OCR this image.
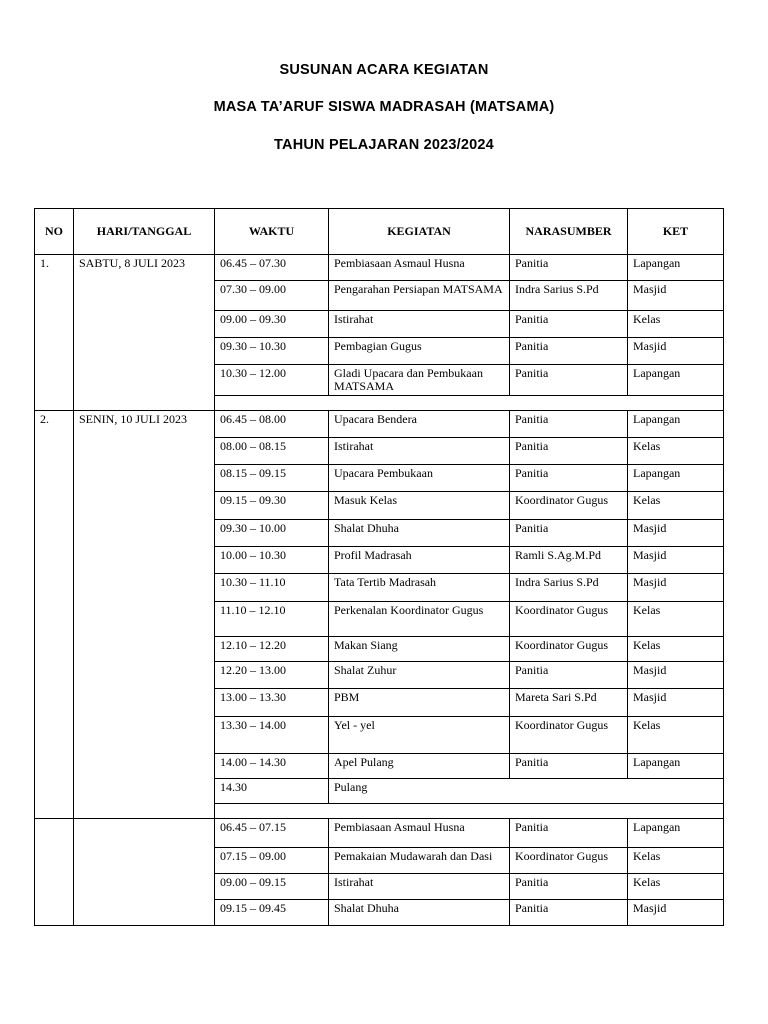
SUSUNAN ACARA KEGIATAN
MASA TA’ARUF SISWA MADRASAH (MATSAMA)
TAHUN PELAJARAN 2023/2024
NO	HARI/TANGGAL	WAKTU	KEGIATAN	NARASUMBER	KET
1.	SABTU, 8 JULI 2023	06.45 – 07.30	Pembiasaan Asmaul Husna	Panitia	Lapangan
		07.30 – 09.00	Pengarahan Persiapan MATSAMA	Indra Sarius S.Pd	Masjid
		09.00 – 09.30	Istirahat	Panitia	Kelas
		09.30 – 10.30	Pembagian Gugus	Panitia	Masjid
		10.30 – 12.00	Gladi Upacara dan Pembukaan MATSAMA	Panitia	Lapangan

2.	SENIN, 10 JULI 2023	06.45 – 08.00	Upacara Bendera	Panitia	Lapangan
		08.00 – 08.15	Istirahat	Panitia	Kelas
		08.15 – 09.15	Upacara Pembukaan	Panitia	Lapangan
		09.15 – 09.30	Masuk Kelas	Koordinator Gugus	Kelas
		09.30 – 10.00	Shalat Dhuha	Panitia	Masjid
		10.00 – 10.30	Profil Madrasah	Ramli S.Ag.M.Pd	Masjid
		10.30 – 11.10	Tata Tertib Madrasah	Indra Sarius S.Pd	Masjid
		11.10 – 12.10	Perkenalan Koordinator Gugus	Koordinator Gugus	Kelas
		12.10 – 12.20	Makan Siang	Koordinator Gugus	Kelas
		12.20 – 13.00	Shalat Zuhur	Panitia	Masjid
		13.00 – 13.30	PBM	Mareta Sari S.Pd	Masjid
		13.30 – 14.00	Yel - yel	Koordinator Gugus	Kelas
		14.00 – 14.30	Apel Pulang	Panitia	Lapangan
		14.30	Pulang		

		06.45 – 07.15	Pembiasaan Asmaul Husna	Panitia	Lapangan
		07.15 – 09.00	Pemakaian Mudawarah dan Dasi	Koordinator Gugus	Kelas
		09.00 – 09.15	Istirahat	Panitia	Kelas
		09.15 – 09.45	Shalat Dhuha	Panitia	Masjid
